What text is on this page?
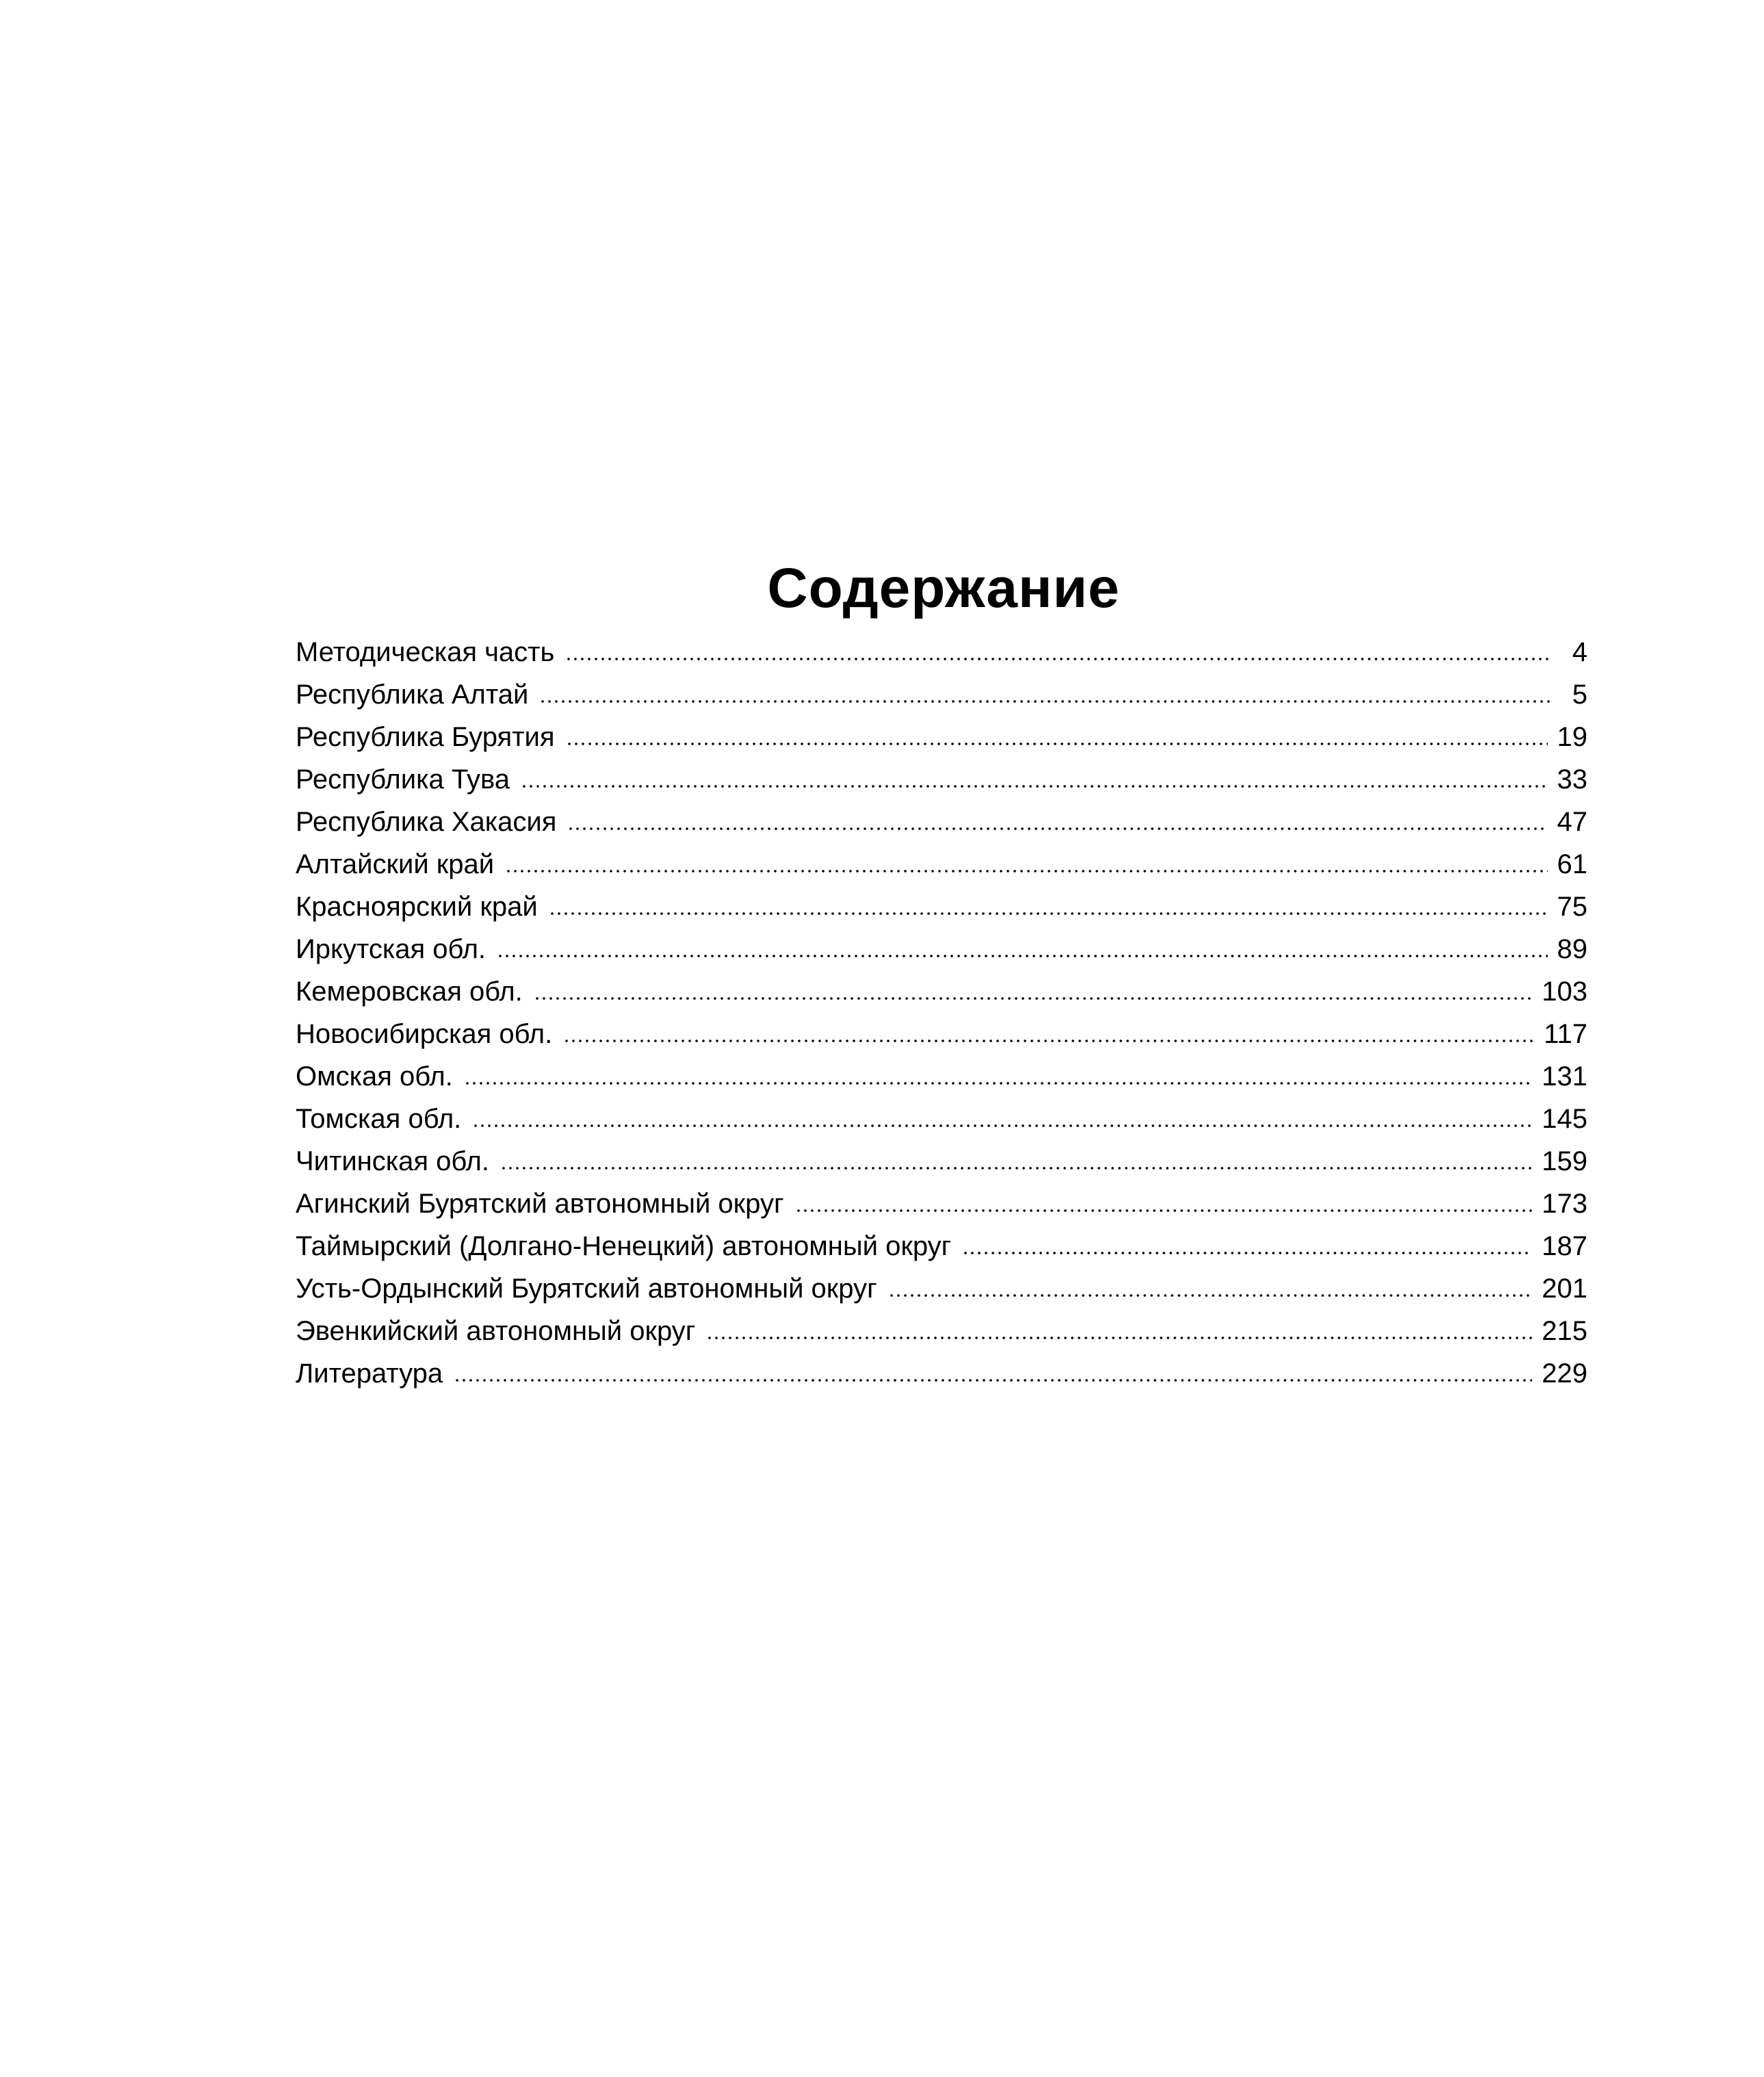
Содержание
Методическая часть	4
Республика Алтай	5
Республика Бурятия	19
Республика Тува	33
Республика Хакасия	47
Алтайский край	61
Красноярский край	75
Иркутская обл.	89
Кемеровская обл.	103
Новосибирская обл.	117
Омская обл.	131
Томская обл.	145
Читинская обл.	159
Агинский Бурятский автономный округ	173
Таймырский (Долгано-Ненецкий) автономный округ	187
Усть-Ордынский Бурятский автономный округ	201
Эвенкийский автономный округ	215
Литература	229
